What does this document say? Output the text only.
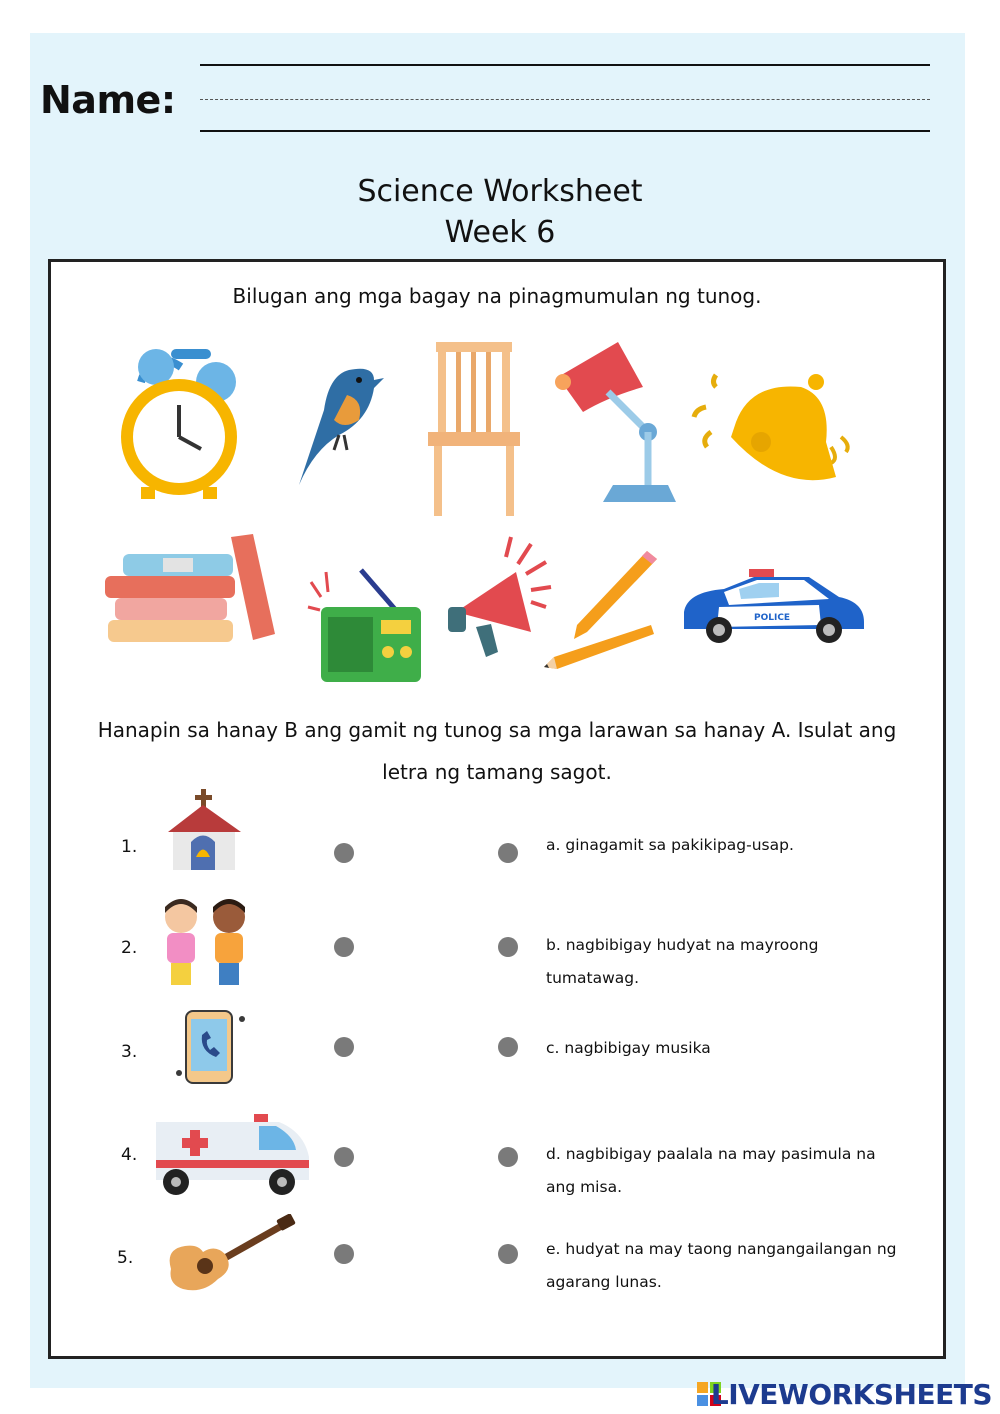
Name:
Science Worksheet
Week 6
Bilugan ang mga bagay na pinagmumulan ng tunog.
POLICE
Hanapin sa hanay B ang gamit ng tunog sa mga larawan sa hanay A. Isulat ang
letra ng tamang sagot.
1.
2.
3.
4.
5.
a. ginagamit sa pakikipag-usap.
b. nagbibigay hudyat na mayroong tumatawag.
c. nagbibigay musika
d. nagbibigay paalala na may pasimula na ang misa.
e. hudyat na may taong nangangailangan ng agarang lunas.
LIVEWORKSHEETS
